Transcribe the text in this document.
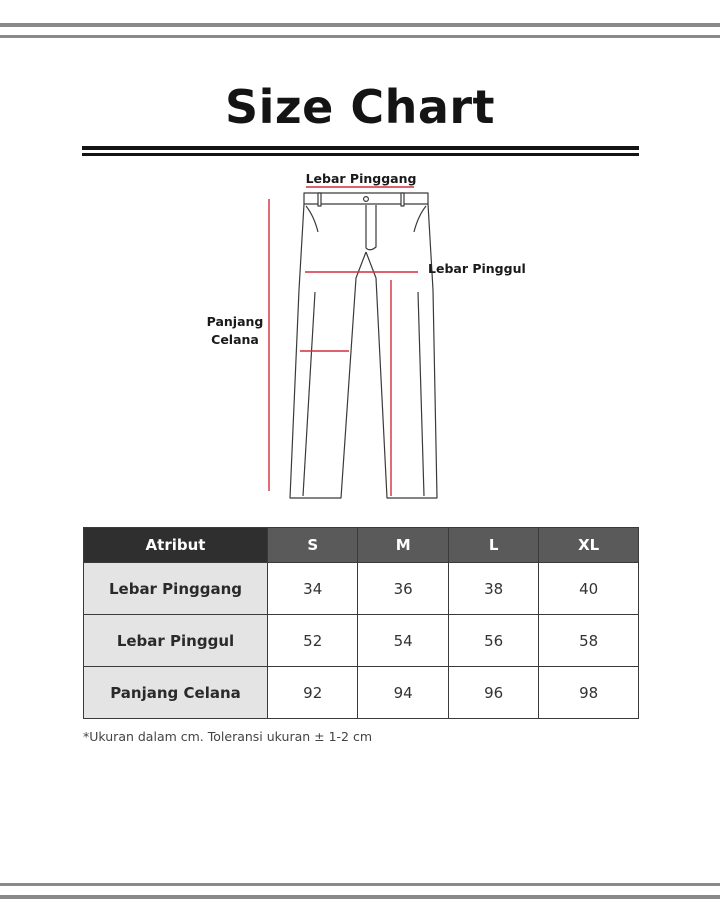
Size Chart
Lebar Pinggang
Lebar Pinggul
Panjang
Celana
Atribut	S	M	L	XL
Lebar Pinggang	34	36	38	40
Lebar Pinggul	52	54	56	58
Panjang Celana	92	94	96	98
*Ukuran dalam cm. Toleransi ukuran ± 1-2 cm
